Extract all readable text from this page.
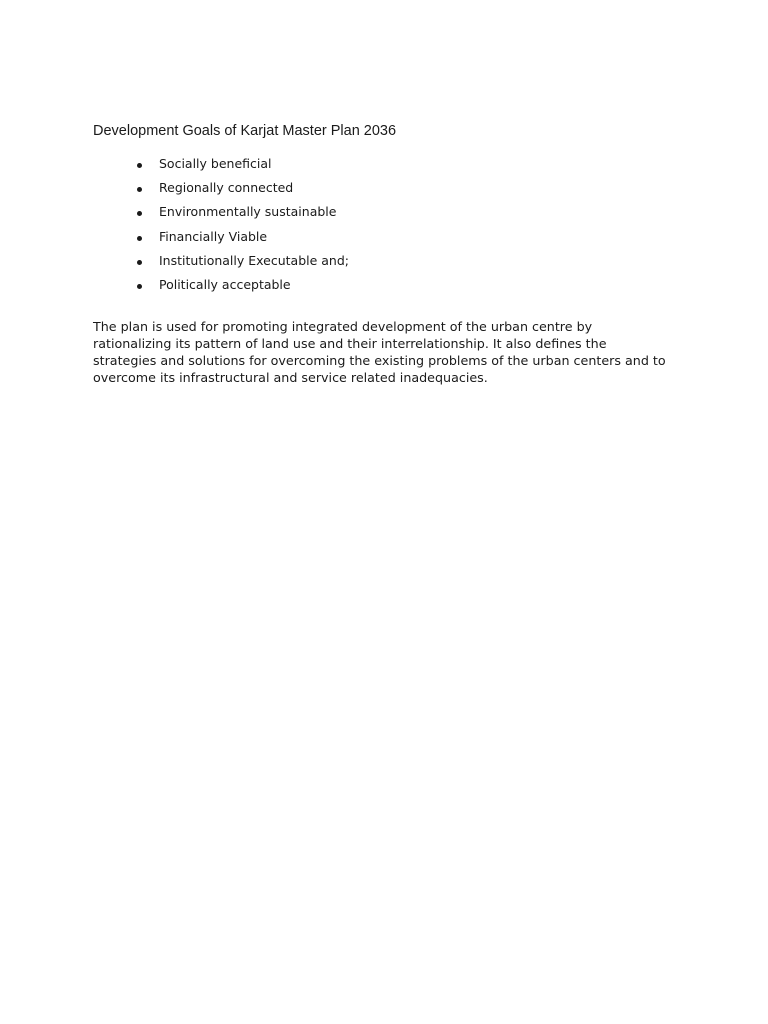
Development Goals of Karjat Master Plan 2036
Socially beneficial
Regionally connected
Environmentally sustainable
Financially Viable
Institutionally Executable and;
Politically acceptable

The plan is used for promoting integrated development of the urban centre by rationalizing its pattern of land use and their interrelationship. It also defines the strategies and solutions for overcoming the existing problems of the urban centers and to overcome its infrastructural and service related inadequacies.
